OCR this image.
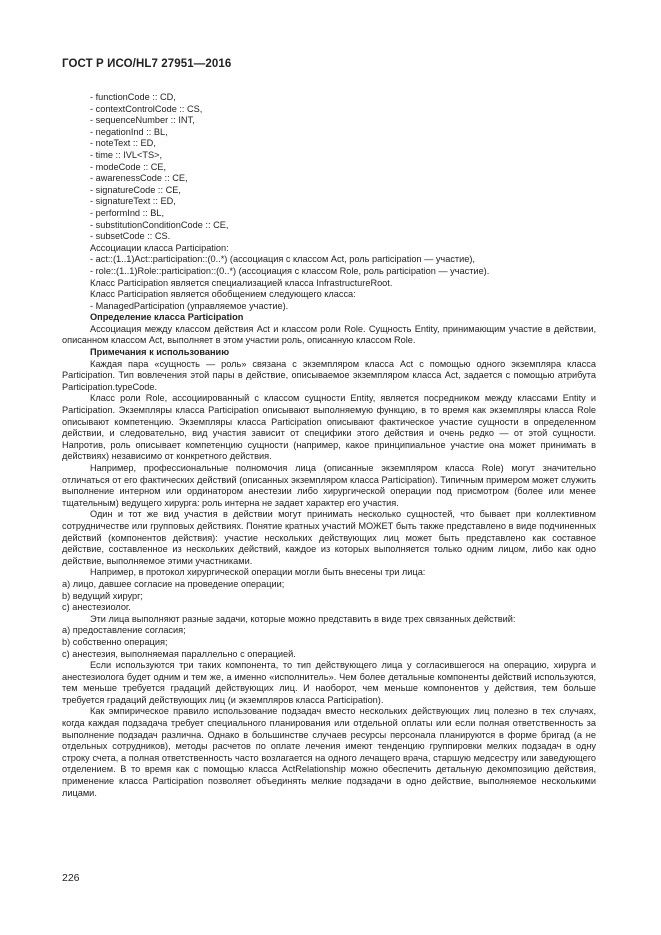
ГОСТ Р ИСО/HL7 27951—2016
- functionCode :: CD,
- contextControlCode :: CS,
- sequenceNumber :: INT,
- negationInd :: BL,
- noteText :: ED,
- time :: IVL<TS>,
- modeCode :: CE,
- awarenessCode :: CE,
- signatureCode :: CE,
- signatureText :: ED,
- performInd :: BL,
- substitutionConditionCode :: CE,
- subsetCode :: CS.
Ассоциации класса Participation:
- act::(1..1)Act::participation::(0..*) (ассоциация с классом Act, роль participation — участие),
- role::(1..1)Role::participation::(0..*) (ассоциация с классом Role, роль participation — участие).
Класс Participation является специализацией класса InfrastructureRoot.
Класс Participation является обобщением следующего класса:
- ManagedParticipation (управляемое участие).
Определение класса Participation
Ассоциация между классом действия Act и классом роли Role. Сущность Entity, принимающим участие в действии, описанном классом Act, выполняет в этом участии роль, описанную классом Role.
Примечания к использованию
Каждая пара «сущность — роль» связана с экземпляром класса Act с помощью одного экземпляра класса Participation. Тип вовлечения этой пары в действие, описываемое экземпляром класса Act, задается с помощью атрибута Participation.typeCode.
Класс роли Role, ассоциированный с классом сущности Entity, является посредником между классами Entity и Participation. Экземпляры класса Participation описывают выполняемую функцию, в то время как экземпляры класса Role описывают компетенцию. Экземпляры класса Participation описывают фактическое участие сущности в определенном действии, и следовательно, вид участия зависит от специфики этого действия и очень редко — от этой сущности. Напротив, роль описывает компетенцию сущности (например, какое принципиальное участие она может принимать в действиях) независимо от конкретного действия.
Например, профессиональные полномочия лица (описанные экземпляром класса Role) могут значительно отличаться от его фактических действий (описанных экземпляром класса Participation). Типичным примером может служить выполнение интерном или ординатором анестезии либо хирургической операции под присмотром (более или менее тщательным) ведущего хирурга: роль интерна не задает характер его участия.
Один и тот же вид участия в действии могут принимать несколько сущностей, что бывает при коллективном сотрудничестве или групповых действиях. Понятие кратных участий МОЖЕТ быть также представлено в виде подчиненных действий (компонентов действия): участие нескольких действующих лиц может быть представлено как составное действие, составленное из нескольких действий, каждое из которых выполняется только одним лицом, либо как одно действие, выполняемое этими участниками.
Например, в протокол хирургической операции могли быть внесены три лица:
а) лицо, давшее согласие на проведение операции;
b) ведущий хирург;
c) анестезиолог.
Эти лица выполняют разные задачи, которые можно представить в виде трех связанных действий:
а) предоставление согласия;
b) собственно операция;
c) анестезия, выполняемая параллельно с операцией.
Если используются три таких компонента, то тип действующего лица у согласившегося на операцию, хирурга и анестезиолога будет одним и тем же, а именно «исполнитель». Чем более детальные компоненты действий используются, тем меньше требуется градаций действующих лиц. И наоборот, чем меньше компонентов у действия, тем больше требуется градаций действующих лиц (и экземпляров класса Participation).
Как эмпирическое правило использование подзадач вместо нескольких действующих лиц полезно в тех случаях, когда каждая подзадача требует специального планирования или отдельной оплаты или если полная ответственность за выполнение подзадач различна. Однако в большинстве случаев ресурсы персонала планируются в форме бригад (а не отдельных сотрудников), методы расчетов по оплате лечения имеют тенденцию группировки мелких подзадач в одну строку счета, а полная ответственность часто возлагается на одного лечащего врача, старшую медсестру или заведующего отделением. В то время как с помощью класса ActRelationship можно обеспечить детальную декомпозицию действия, применение класса Participation позволяет объединять мелкие подзадачи в одно действие, выполняемое несколькими лицами.
226
